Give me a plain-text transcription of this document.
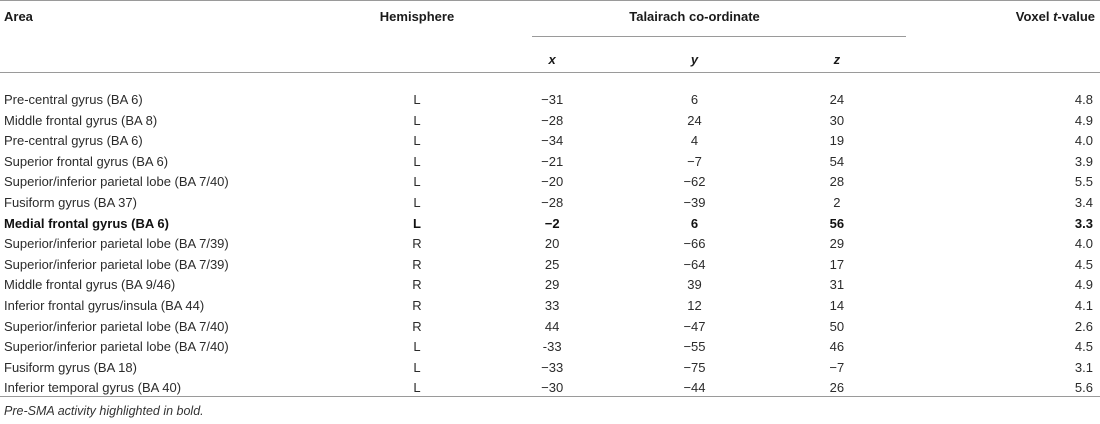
Area	Hemisphere	Talairach co-ordinate			Voxel t-value
		x	y	z	

Pre-central gyrus (BA 6)	L	−31	6	24	4.8
Middle frontal gyrus (BA 8)	L	−28	24	30	4.9
Pre-central gyrus (BA 6)	L	−34	4	19	4.0
Superior frontal gyrus (BA 6)	L	−21	−7	54	3.9
Superior/inferior parietal lobe (BA 7/40)	L	−20	−62	28	5.5
Fusiform gyrus (BA 37)	L	−28	−39	2	3.4
Medial frontal gyrus (BA 6)	L	−2	6	56	3.3
Superior/inferior parietal lobe (BA 7/39)	R	20	−66	29	4.0
Superior/inferior parietal lobe (BA 7/39)	R	25	−64	17	4.5
Middle frontal gyrus (BA 9/46)	R	29	39	31	4.9
Inferior frontal gyrus/insula (BA 44)	R	33	12	14	4.1
Superior/inferior parietal lobe (BA 7/40)	R	44	−47	50	2.6
Superior/inferior parietal lobe (BA 7/40)	L	-33	−55	46	4.5
Fusiform gyrus (BA 18)	L	−33	−75	−7	3.1
Inferior temporal gyrus (BA 40)	L	−30	−44	26	5.6
Pre-SMA activity highlighted in bold.
